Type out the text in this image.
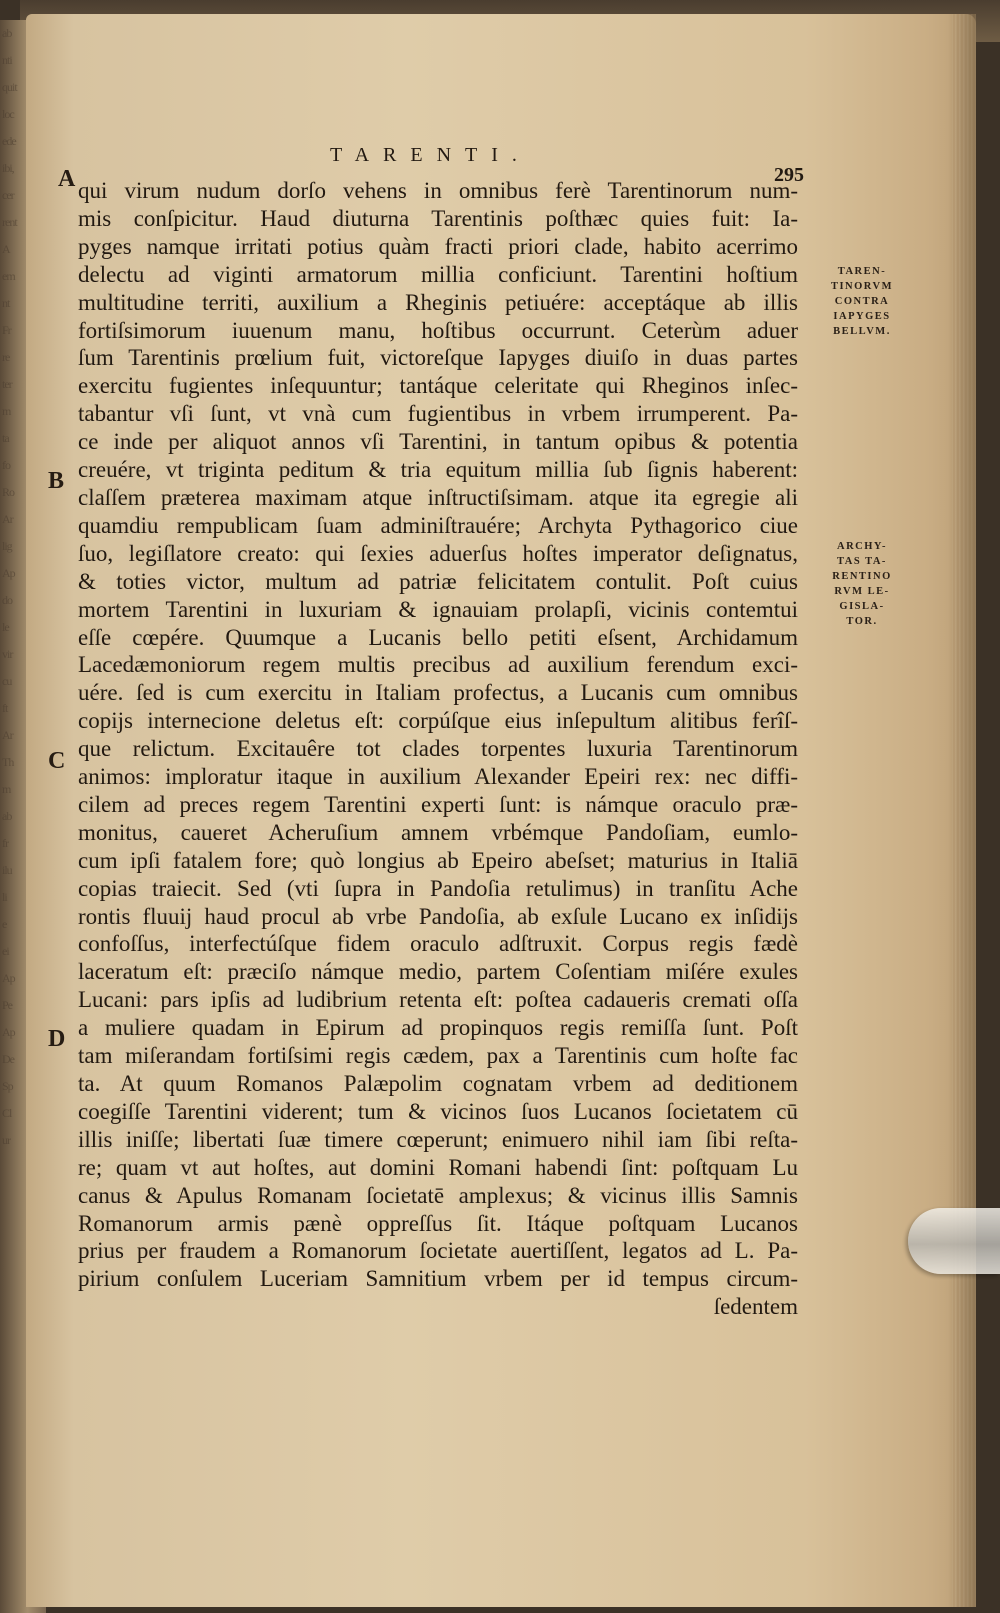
ab
nti
quit
loc
ede
ibi,
cer
rent
A
em
nt
Fr
re
ter
m
ta
fo
Ro
Ar
lig
Ap
do
le
vir
cu
ft
Ar
Th
m
ab
fr
ilu
li
e
ei
Ap
Pe
Ap
De
Sp
Cl
ur
TARENTI.
295
A
B
C
D
qui virum nudum dorſo vehens in omnibus ferè Tarentinorum num-
mis conſpicitur. Haud diuturna Tarentinis poſthæc quies fuit: Ia-
pyges namque irritati potius quàm fracti priori clade, habito acerrimo
delectu ad viginti armatorum millia conficiunt. Tarentini hoſtium
multitudine territi, auxilium a Rheginis petiuére: acceptáque ab illis
fortiſsimorum iuuenum manu, hoſtibus occurrunt. Ceterùm aduer
ſum Tarentinis prœlium fuit, victoreſque Iapyges diuiſo in duas partes
exercitu fugientes inſequuntur; tantáque celeritate qui Rheginos inſec-
tabantur vſi ſunt, vt vnà cum fugientibus in vrbem irrumperent. Pa-
ce inde per aliquot annos vſi Tarentini, in tantum opibus & potentia
creuére, vt triginta peditum & tria equitum millia ſub ſignis haberent:
claſſem præterea maximam atque inſtructiſsimam. atque ita egregie ali
quamdiu rempublicam ſuam adminiſtrauére; Archyta Pythagorico ciue
ſuo, legiſlatore creato: qui ſexies aduerſus hoſtes imperator deſignatus,
& toties victor, multum ad patriæ felicitatem contulit. Poſt cuius
mortem Tarentini in luxuriam & ignauiam prolapſi, vicinis contemtui
eſſe cœpére. Quumque a Lucanis bello petiti eſsent, Archidamum
Lacedæmoniorum regem multis precibus ad auxilium ferendum exci-
uére. ſed is cum exercitu in Italiam profectus, a Lucanis cum omnibus
copijs internecione deletus eſt: corpúſque eius inſepultum alitibus ferîſ-
que relictum. Excitauêre tot clades torpentes luxuria Tarentinorum
animos: imploratur itaque in auxilium Alexander Epeiri rex: nec diffi-
cilem ad preces regem Tarentini experti ſunt: is námque oraculo præ-
monitus, caueret Acheruſium amnem vrbémque Pandoſiam, eumlo-
cum ipſi fatalem fore; quò longius ab Epeiro abeſset; maturius in Italiā
copias traiecit. Sed (vti ſupra in Pandoſia retulimus) in tranſitu Ache
rontis fluuij haud procul ab vrbe Pandoſia, ab exſule Lucano ex inſidijs
confoſſus, interfectúſque fidem oraculo adſtruxit. Corpus regis fædè
laceratum eſt: præciſo námque medio, partem Coſentiam miſére exules
Lucani: pars ipſis ad ludibrium retenta eſt: poſtea cadaueris cremati oſſa
a muliere quadam in Epirum ad propinquos regis remiſſa ſunt. Poſt
tam miſerandam fortiſsimi regis cædem, pax a Tarentinis cum hoſte fac
ta. At quum Romanos Palæpolim cognatam vrbem ad deditionem
coegiſſe Tarentini viderent; tum & vicinos ſuos Lucanos ſocietatem cū
illis iniſſe; libertati ſuæ timere cœperunt; enimuero nihil iam ſibi reſta-
re; quam vt aut hoſtes, aut domini Romani habendi ſint: poſtquam Lu
canus & Apulus Romanam ſocietatē amplexus; & vicinus illis Samnis
Romanorum armis pænè oppreſſus ſit. Itáque poſtquam Lucanos
prius per fraudem a Romanorum ſocietate auertiſſent, legatos ad L. Pa-
pirium conſulem Luceriam Samnitium vrbem per id tempus circum-
ſedentem
TAREN-
TINORVM
CONTRA
IAPYGES
BELLVM.
ARCHY-
TAS TA-
RENTINO
RVM LE-
GISLA-
TOR.
